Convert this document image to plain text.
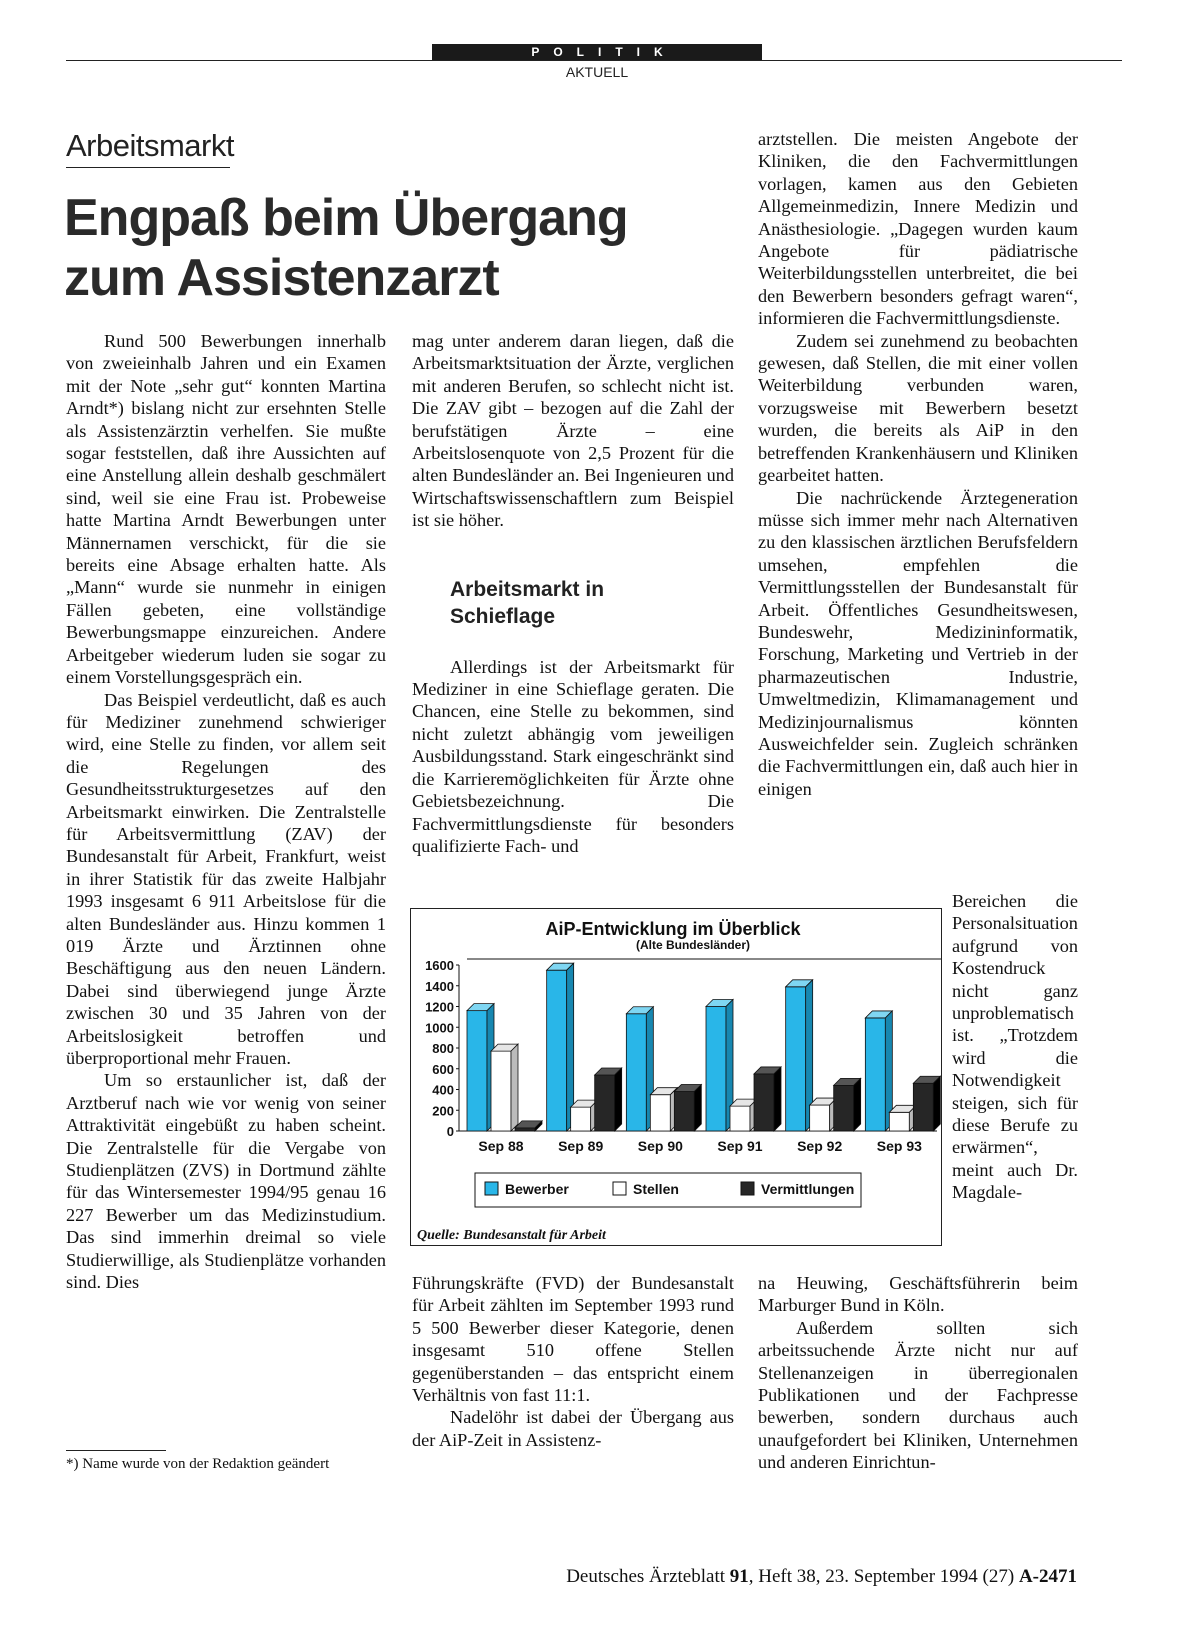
POLITIK
AKTUELL
Arbeitsmarkt
Engpaß beim Übergang
zum Assistenzarzt

Rund 500 Bewerbungen innerhalb von zweieinhalb Jahren und ein Examen mit der Note „sehr gut“ konnten Martina Arndt*) bislang nicht zur ersehnten Stelle als Assistenzärztin verhelfen. Sie mußte sogar feststellen, daß ihre Aussichten auf eine Anstellung allein deshalb geschmälert sind, weil sie eine Frau ist. Probeweise hatte Martina Arndt Bewerbungen unter Männernamen verschickt, für die sie bereits eine Absage erhalten hatte. Als „Mann“ wurde sie nunmehr in einigen Fällen gebeten, eine vollständige Bewerbungsmappe einzureichen. Andere Arbeitgeber wiederum luden sie sogar zu einem Vorstellungsgespräch ein.

Das Beispiel verdeutlicht, daß es auch für Mediziner zunehmend schwieriger wird, eine Stelle zu finden, vor allem seit die Regelungen des Gesundheitsstrukturgesetzes auf den Arbeitsmarkt einwirken. Die Zentralstelle für Arbeitsvermittlung (ZAV) der Bundesanstalt für Arbeit, Frankfurt, weist in ihrer Statistik für das zweite Halbjahr 1993 insgesamt 6 911 Arbeitslose für die alten Bundesländer aus. Hinzu kommen 1 019 Ärzte und Ärztinnen ohne Beschäftigung aus den neuen Ländern. Dabei sind überwiegend junge Ärzte zwischen 30 und 35 Jahren von der Arbeitslosigkeit betroffen und überproportional mehr Frauen.

Um so erstaunlicher ist, daß der Arztberuf nach wie vor wenig von seiner Attraktivität eingebüßt zu haben scheint. Die Zentralstelle für die Vergabe von Studienplätzen (ZVS) in Dortmund zählte für das Wintersemester 1994/95 genau 16 227 Bewerber um das Medizinstudium. Das sind immerhin dreimal so viele Studierwillige, als Studienplätze vorhanden sind. Dies

mag unter anderem daran liegen, daß die Arbeitsmarktsituation der Ärzte, verglichen mit anderen Berufen, so schlecht nicht ist. Die ZAV gibt – bezogen auf die Zahl der berufstätigen Ärzte – eine Arbeitslosenquote von 2,5 Prozent für die alten Bundesländer an. Bei Ingenieuren und Wirtschaftswissenschaftlern zum Beispiel ist sie höher.

Arbeitsmarkt in
Schieflage

Allerdings ist der Arbeitsmarkt für Mediziner in eine Schieflage geraten. Die Chancen, eine Stelle zu bekommen, sind nicht zuletzt abhängig vom jeweiligen Ausbildungsstand. Stark eingeschränkt sind die Karrieremöglichkeiten für Ärzte ohne Gebietsbezeichnung. Die Fachvermittlungsdienste für besonders qualifizierte Fach- und

arztstellen. Die meisten Angebote der Kliniken, die den Fachvermittlungen vorlagen, kamen aus den Gebieten Allgemeinmedizin, Innere Medizin und Anästhesiologie. „Dagegen wurden kaum Angebote für pädiatrische Weiterbildungsstellen unterbreitet, die bei den Bewerbern besonders gefragt waren“, informieren die Fachvermittlungsdienste.

Zudem sei zunehmend zu beobachten gewesen, daß Stellen, die mit einer vollen Weiterbildung verbunden waren, vorzugsweise mit Bewerbern besetzt wurden, die bereits als AiP in den betreffenden Krankenhäusern und Kliniken gearbeitet hatten.

Die nachrückende Ärztegeneration müsse sich immer mehr nach Alternativen zu den klassischen ärztlichen Berufsfeldern umsehen, empfehlen die Vermittlungsstellen der Bundesanstalt für Arbeit. Öffentliches Gesundheitswesen, Bundeswehr, Medizininformatik, Forschung, Marketing und Vertrieb in der pharmazeutischen Industrie, Umweltmedizin, Klimamanagement und Medizinjournalismus könnten Ausweichfelder sein. Zugleich schränken die Fachvermittlungen ein, daß auch hier in einigen

Bereichen die Personalsituation aufgrund von Kostendruck nicht ganz unproblematisch ist. „Trotzdem wird die Notwendigkeit steigen, sich für diese Berufe zu erwärmen“, meint auch Dr. Magdale-

AiP-Entwicklung im Überblick
(Alte Bundesländer)
0
200
400
600
800
1000
1200
1400
1600
Sep 88 Sep 89 Sep 90 Sep 91 Sep 92 Sep 93
Bewerber	Stellen	Vermittlungen
Quelle: Bundesanstalt für Arbeit

Führungskräfte (FVD) der Bundesanstalt für Arbeit zählten im September 1993 rund 5 500 Bewerber dieser Kategorie, denen insgesamt 510 offene Stellen gegenüberstanden – das entspricht einem Verhältnis von fast 11:1.

Nadelöhr ist dabei der Übergang aus der AiP-Zeit in Assistenz-

na Heuwing, Geschäftsführerin beim Marburger Bund in Köln.

Außerdem sollten sich arbeitssuchende Ärzte nicht nur auf Stellenanzeigen in überregionalen Publikationen und der Fachpresse bewerben, sondern durchaus auch unaufgefordert bei Kliniken, Unternehmen und anderen Einrichtun-

*) Name wurde von der Redaktion geändert
Deutsches Ärzteblatt 91, Heft 38, 23. September 1994 (27) A-2471
